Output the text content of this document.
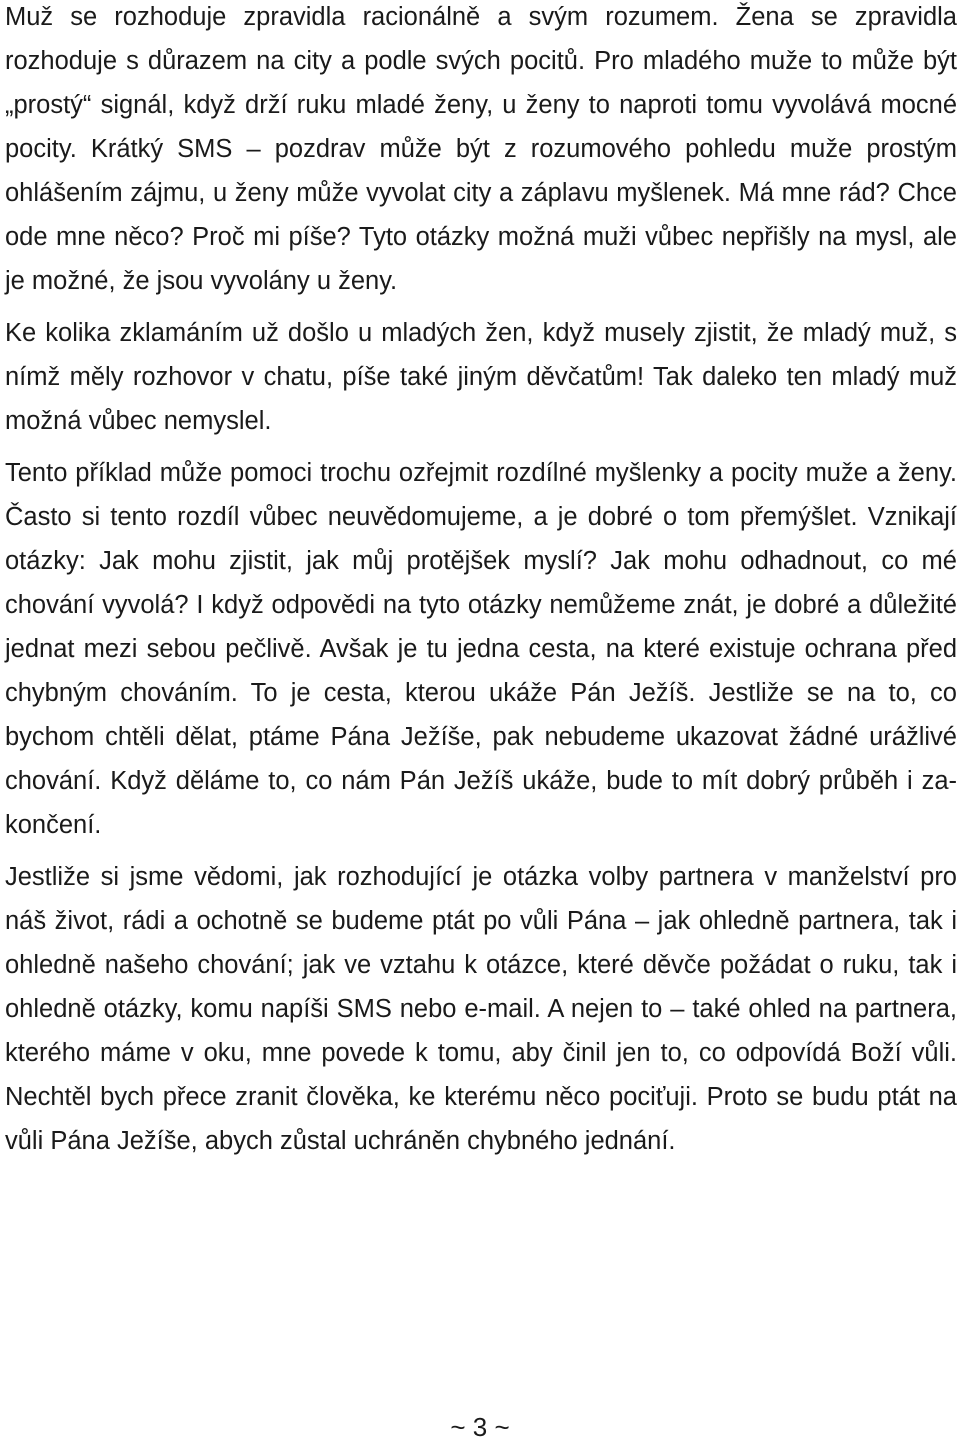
Muž se rozhoduje zpravidla racionálně a svým rozumem. Žena se zpravidla rozhoduje s důrazem na city a podle svých pocitů. Pro mladého muže to může být „prostý“ signál, když drží ruku mladé ženy, u ženy to naproti tomu vyvolává mocné pocity. Krátký SMS – pozdrav může být z rozumového pohledu muže prostým ohlášením zájmu, u ženy může vyvolat city a záplavu myšlenek. Má mne rád? Chce ode mne něco? Proč mi píše? Tyto otázky možná muži vůbec nepřišly na mysl, ale je možné, že jsou vyvolány u ženy.

Ke kolika zklamáním už došlo u mladých žen, když musely zjistit, že mladý muž, s nímž měly rozhovor v chatu, píše také jiným děvčatům! Tak daleko ten mladý muž možná vůbec nemyslel.

Tento příklad může pomoci trochu ozřejmit rozdílné myšlenky a pocity muže a ženy. Často si tento rozdíl vůbec neuvědomujeme, a je dobré o tom přemýšlet. Vznikají otázky: Jak mohu zjistit, jak můj protějšek myslí? Jak mohu odhadnout, co mé chování vyvolá? I když odpovědi na tyto otázky nemůžeme znát, je dobré a důležité jednat mezi sebou pečlivě. Avšak je tu jedna cesta, na které existuje ochrana před chybným chováním. To je cesta, kterou ukáže Pán Ježíš. Jestliže se na to, co bychom chtěli dělat, ptáme Pána Ježíše, pak nebudeme ukazovat žádné urážlivé chování. Když děláme to, co nám Pán Ježíš ukáže, bude to mít dobrý průběh i zakončení.

Jestliže si jsme vědomi, jak rozhodující je otázka volby partnera v manželství pro náš život, rádi a ochotně se budeme ptát po vůli Pána – jak ohledně partnera, tak i ohledně našeho chování; jak ve vztahu k otázce, které děvče požádat o ruku, tak i ohledně otázky, komu napíši SMS nebo e-mail. A nejen to – také ohled na partnera, kterého máme v oku, mne povede k tomu, aby činil jen to, co odpovídá Boží vůli. Nechtěl bych přece zranit člověka, ke kterému něco pociťuji. Proto se budu ptát na vůli Pána Ježíše, abych zůstal uchráněn chybného jednání.

~ 3 ~
